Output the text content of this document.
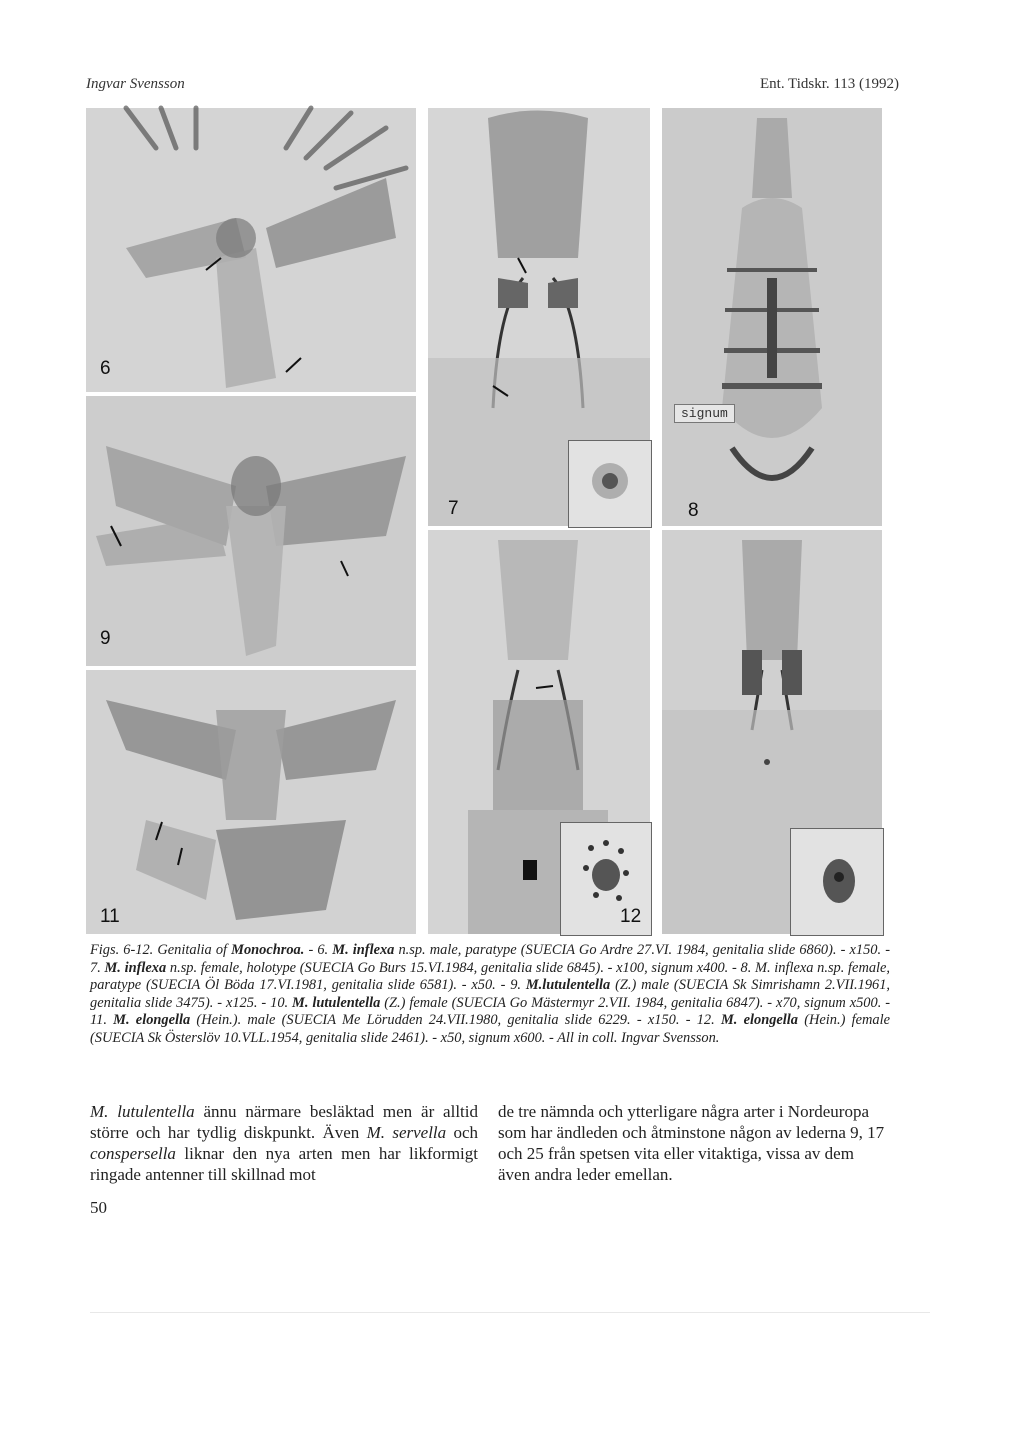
Ingvar Svensson	Ent. Tidskr. 113 (1992)
6
7
signum
8
9
11	12
Figs. 6-12. Genitalia of Monochroa. - 6. M. inflexa n.sp. male, paratype (SUECIA Go Ardre 27.VI. 1984, genitalia slide 6860). - x150. - 7. M. inflexa n.sp. female, holotype (SUECIA Go Burs 15.VI.1984, genitalia slide 6845). - x100, signum x400. - 8. M. inflexa n.sp. female, paratype (SUECIA Öl Böda 17.VI.1981, genitalia slide 6581). - x50. - 9. M.lutulentella (Z.) male (SUECIA Sk Simrishamn 2.VII.1961, genitalia slide 3475). - x125. - 10. M. lutulentella (Z.) female (SUECIA Go Mästermyr 2.VII. 1984, genitalia 6847). - x70, signum x500. - 11. M. elongella (Hein.). male (SUECIA Me Lörudden 24.VII.1980, genitalia slide 6229. - x150. - 12. M. elongella (Hein.) female (SUECIA Sk Österslöv 10.VLL.1954, genitalia slide 2461). - x50, signum x600. - All in coll. Ingvar Svensson.
M. lutulentella ännu närmare besläktad men är alltid större och har tydlig diskpunkt. Även M. servella och conspersella liknar den nya arten men har likformigt ringade antenner till skillnad mot
de tre nämnda och ytterligare några arter i Nordeuropa som har ändleden och åtminstone någon av lederna 9, 17 och 25 från spetsen vita eller vitaktiga, vissa av dem även andra leder emellan.
50
